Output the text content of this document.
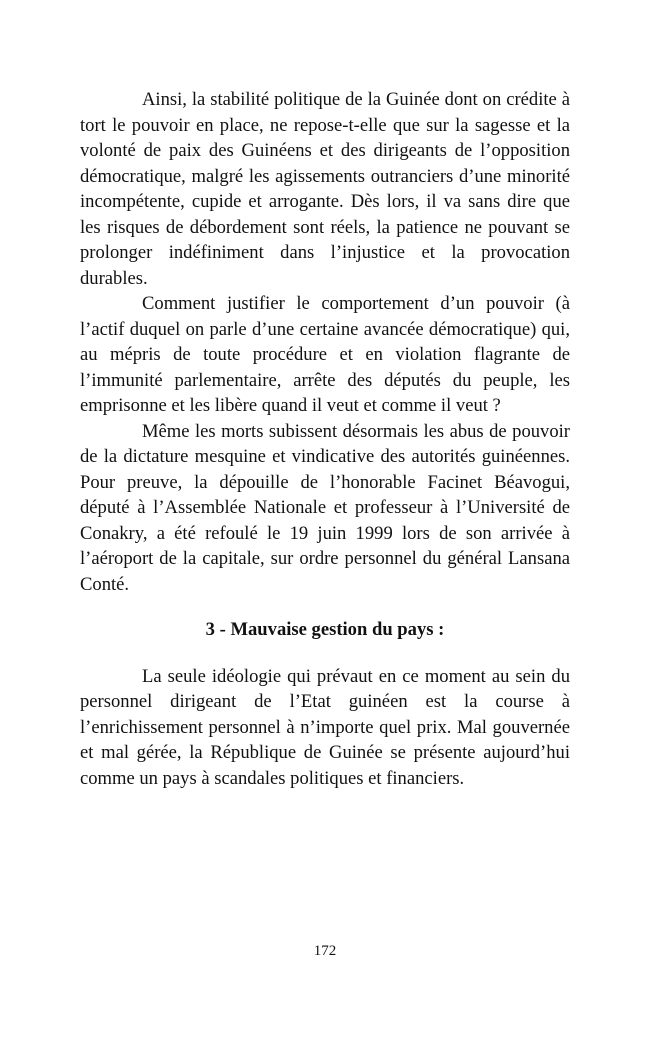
Ainsi, la stabilité politique de la Guinée dont on crédite à tort le pouvoir en place, ne repose-t-elle que sur la sagesse et la volonté de paix des Guinéens et des dirigeants de l’opposition démocratique, malgré les agissements outranciers d’une minorité incompétente, cupide et arrogante. Dès lors, il va sans dire que les risques de débordement sont réels, la patience ne pouvant se prolonger indéfiniment dans l’injustice et la provocation durables.

Comment justifier le comportement d’un pouvoir (à l’actif duquel on parle d’une certaine avancée démocratique) qui, au mépris de toute procédure et en violation flagrante de l’immunité parlementaire, arrête des députés du peuple, les emprisonne et les libère quand il veut et comme il veut ?

Même les morts subissent désormais les abus de pouvoir de la dictature mesquine et vindicative des autorités guinéennes. Pour preuve, la dépouille de l’honorable Facinet Béavogui, député à l’Assemblée Nationale et professeur à l’Université de Conakry, a été refoulé le 19 juin 1999 lors de son arrivée à l’aéroport de la capitale, sur ordre personnel du général Lansana Conté.

3 - Mauvaise gestion du pays :

La seule idéologie qui prévaut en ce moment au sein du personnel dirigeant de l’Etat guinéen est la course à l’enrichissement personnel à n’importe quel prix. Mal gouvernée et mal gérée, la République de Guinée se présente aujourd’hui comme un pays à scandales politiques et financiers.

172
